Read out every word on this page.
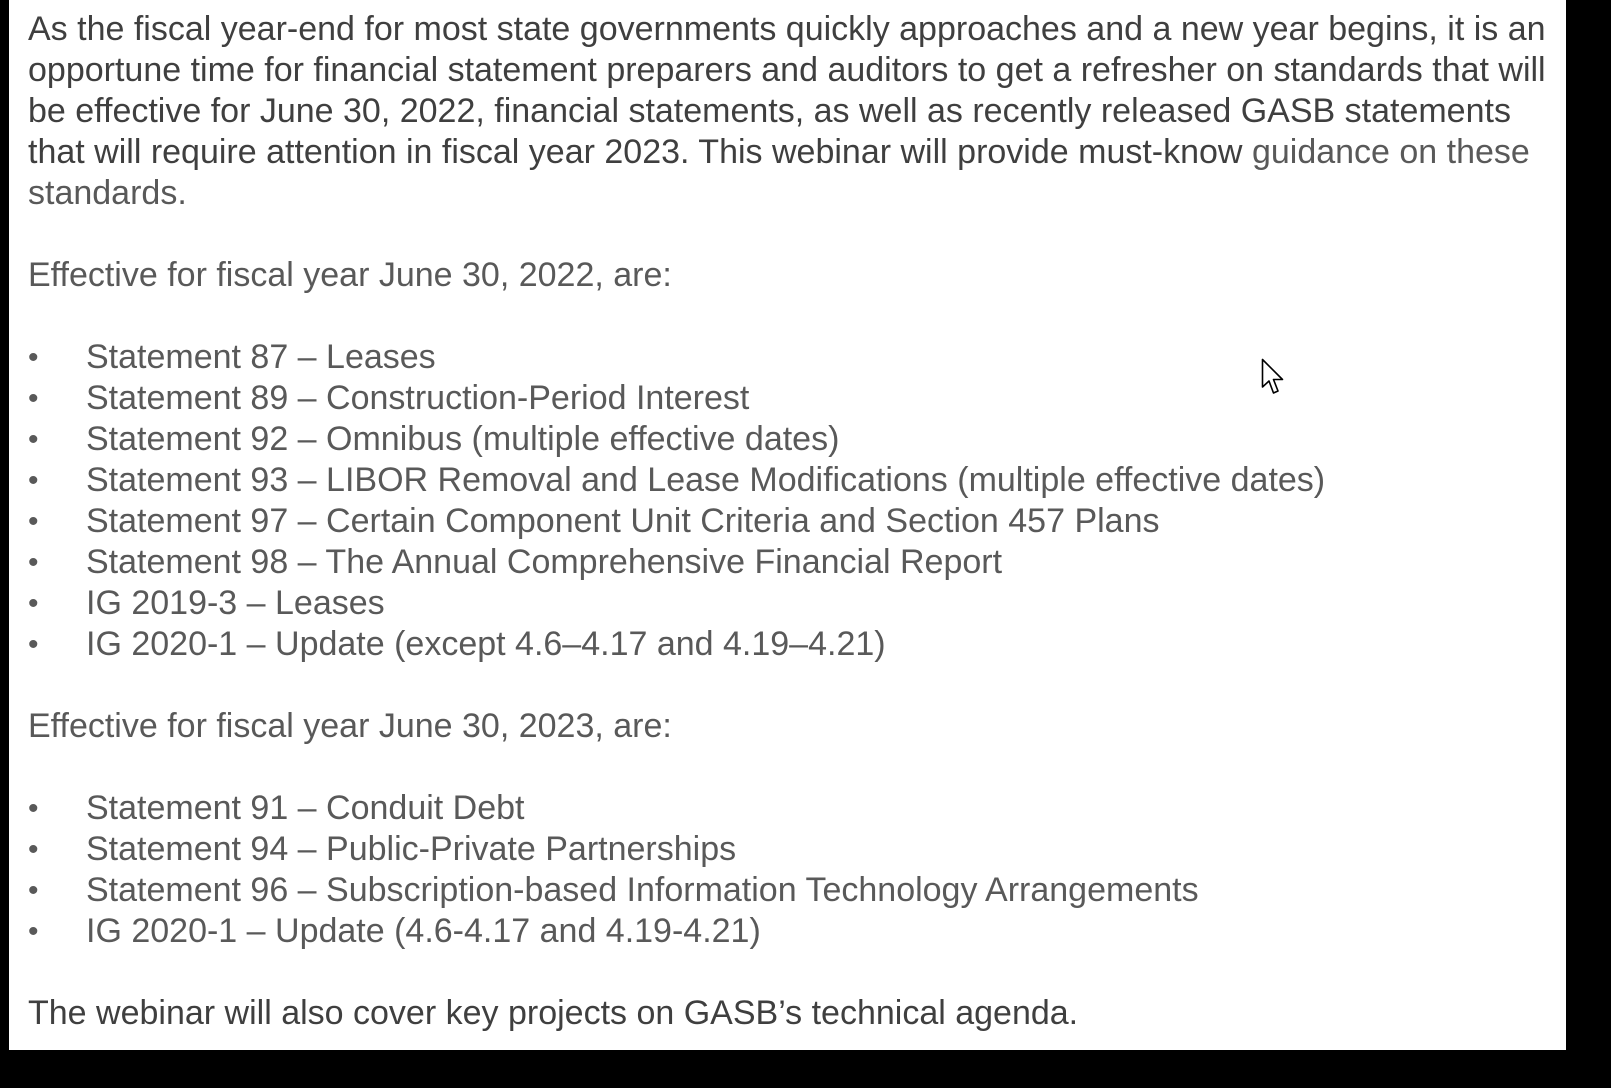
As the fiscal year-end for most state governments quickly approaches and a new year begins, it is an opportune time for financial statement preparers and auditors to get a refresher on standards that will be effective for June 30, 2022, financial statements, as well as recently released GASB statements that will require attention in fiscal year 2023. This webinar will provide must-know guidance on these standards.

Effective for fiscal year June 30, 2022, are:

• Statement 87 – Leases
• Statement 89 – Construction-Period Interest
• Statement 92 – Omnibus (multiple effective dates)
• Statement 93 – LIBOR Removal and Lease Modifications (multiple effective dates)
• Statement 97 – Certain Component Unit Criteria and Section 457 Plans
• Statement 98 – The Annual Comprehensive Financial Report
• IG 2019-3 – Leases
• IG 2020-1 – Update (except 4.6–4.17 and 4.19–4.21)

Effective for fiscal year June 30, 2023, are:

• Statement 91 – Conduit Debt
• Statement 94 – Public-Private Partnerships
• Statement 96 – Subscription-based Information Technology Arrangements
• IG 2020-1 – Update (4.6-4.17 and 4.19-4.21)

The webinar will also cover key projects on GASB’s technical agenda.
